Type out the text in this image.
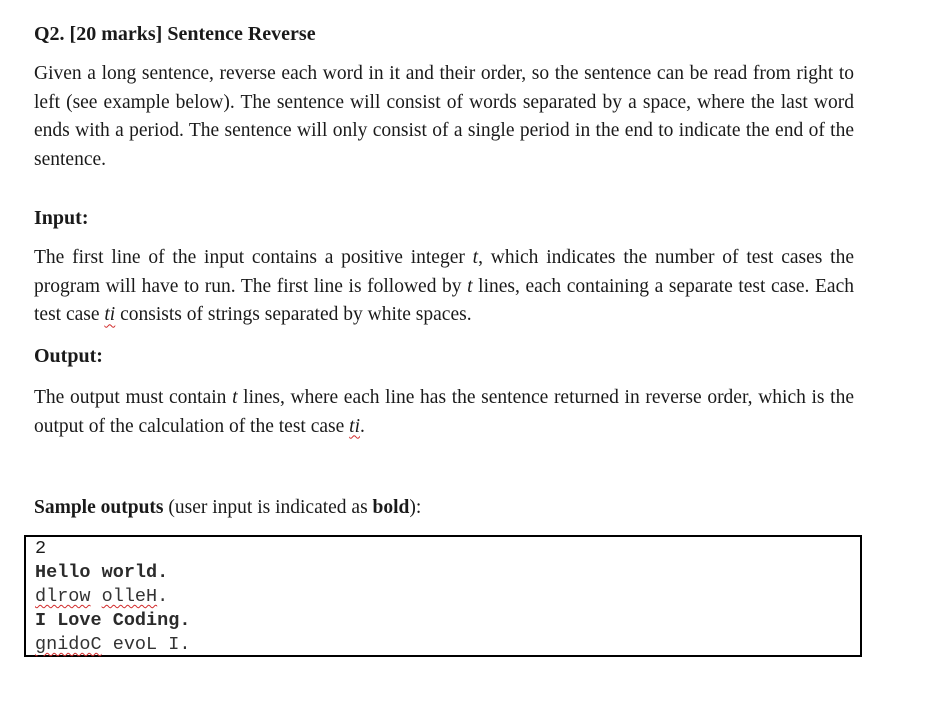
Q2. [20 marks] Sentence Reverse
Given a long sentence, reverse each word in it and their order, so the sentence can be read from right to left (see example below). The sentence will consist of words separated by a space, where the last word ends with a period. The sentence will only consist of a single period in the end to indicate the end of the sentence.
Input:
The first line of the input contains a positive integer t, which indicates the number of test cases the program will have to run. The first line is followed by t lines, each containing a separate test case. Each test case ti consists of strings separated by white spaces.
Output:
The output must contain t lines, where each line has the sentence returned in reverse order, which is the output of the calculation of the test case ti.
Sample outputs (user input is indicated as bold):
2
Hello world.
dlrow olleH.
I Love Coding.
gnidoC evoL I.
